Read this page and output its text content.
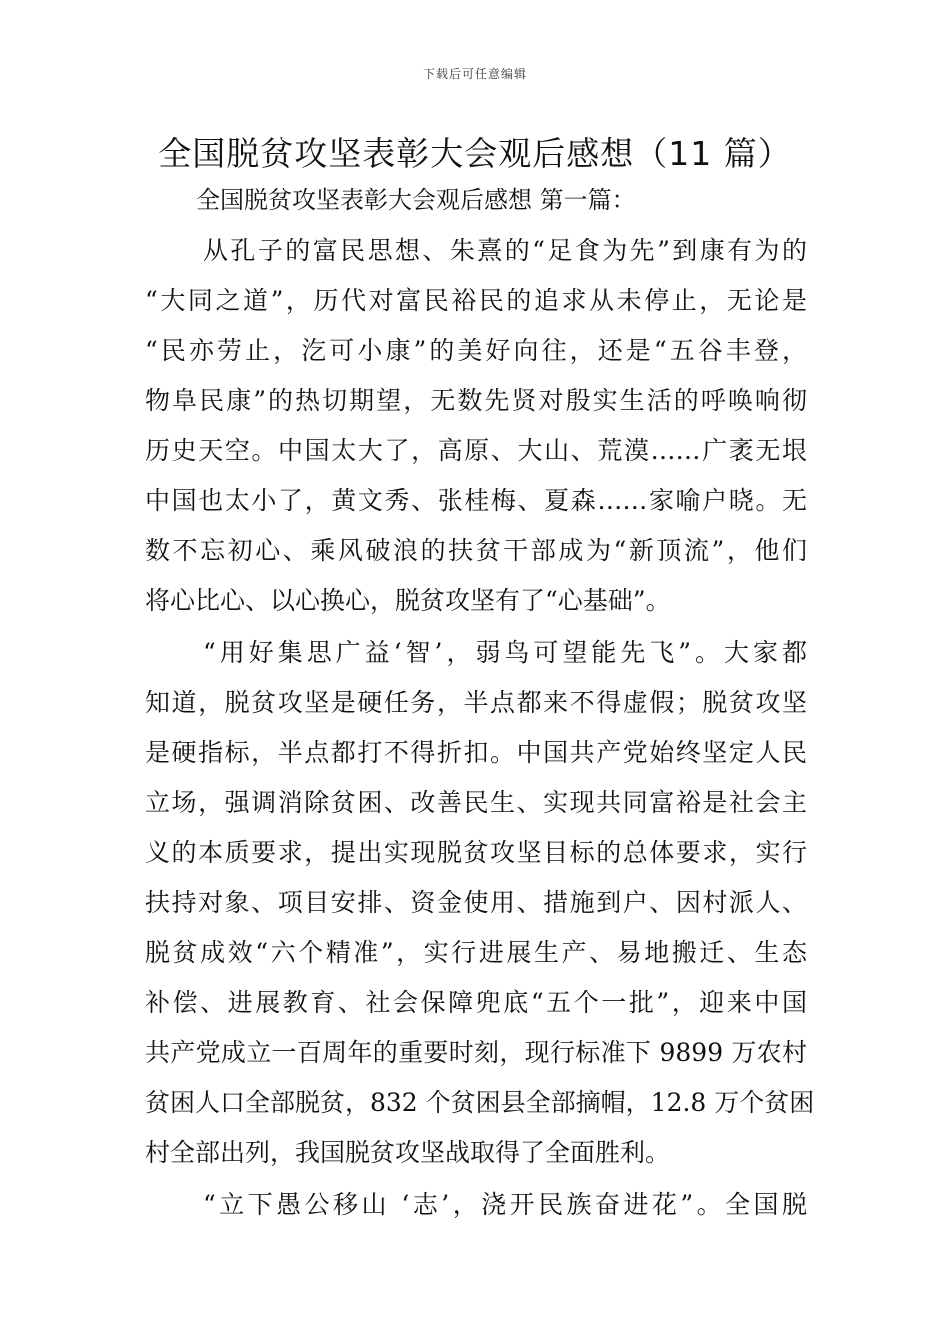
下载后可任意编辑
全国脱贫攻坚表彰大会观后感想（11 篇）
全国脱贫攻坚表彰大会观后感想 第一篇：
从孔子的富民思想、朱熹的“足食为先”到康有为的
“大同之道”，历代对富民裕民的追求从未停止，无论是
“民亦劳止，汔可小康”的美好向往，还是“五谷丰登，
物阜民康”的热切期望，无数先贤对殷实生活的呼唤响彻
历史天空。中国太大了，高原、大山、荒漠……广袤无垠
中国也太小了，黄文秀、张桂梅、夏森……家喻户晓。无
数不忘初心、乘风破浪的扶贫干部成为“新顶流”，他们
将心比心、以心换心，脱贫攻坚有了“心基础”。
“用好集思广益‘智’，弱鸟可望能先飞”。大家都
知道，脱贫攻坚是硬任务，半点都来不得虚假；脱贫攻坚
是硬指标，半点都打不得折扣。中国共产党始终坚定人民
立场，强调消除贫困、改善民生、实现共同富裕是社会主
义的本质要求，提出实现脱贫攻坚目标的总体要求，实行
扶持对象、项目安排、资金使用、措施到户、因村派人、
脱贫成效“六个精准”，实行进展生产、易地搬迁、生态
补偿、进展教育、社会保障兜底“五个一批”，迎来中国
共产党成立一百周年的重要时刻，现行标准下 9899 万农村
贫困人口全部脱贫，832 个贫困县全部摘帽，12.8 万个贫困
村全部出列，我国脱贫攻坚战取得了全面胜利。
“立下愚公移山 ‘志’，浇开民族奋进花”。全国脱
